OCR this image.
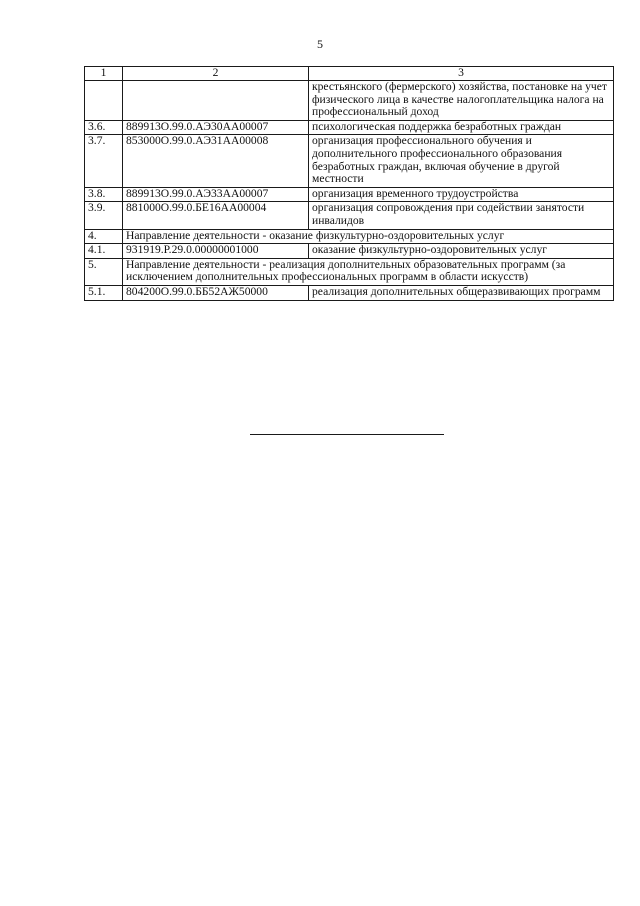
5
1	2	3
		крестьянского (фермерского) хозяйства, постановке на учет физического лица в качестве налогоплательщика налога на профессиональный доход
3.6.	889913О.99.0.АЭ30АА00007	психологическая поддержка безработных граждан
3.7.	853000О.99.0.АЭ31АА00008	организация профессионального обучения и дополнительного профессионального образования безработных граждан, включая обучение в другой местности
3.8.	889913О.99.0.АЭ33АА00007	организация временного трудоустройства
3.9.	881000О.99.0.БЕ16АА00004	организация сопровождения при содействии занятости инвалидов
4.	Направление деятельности - оказание физкультурно-оздоровительных услуг	
4.1.	931919.Р.29.0.00000001000	оказание физкультурно-оздоровительных услуг
5.	Направление деятельности - реализация дополнительных образовательных программ (за исключением дополнительных профессиональных программ в области искусств)	
5.1.	804200О.99.0.ББ52АЖ50000	реализация дополнительных общеразвивающих программ
